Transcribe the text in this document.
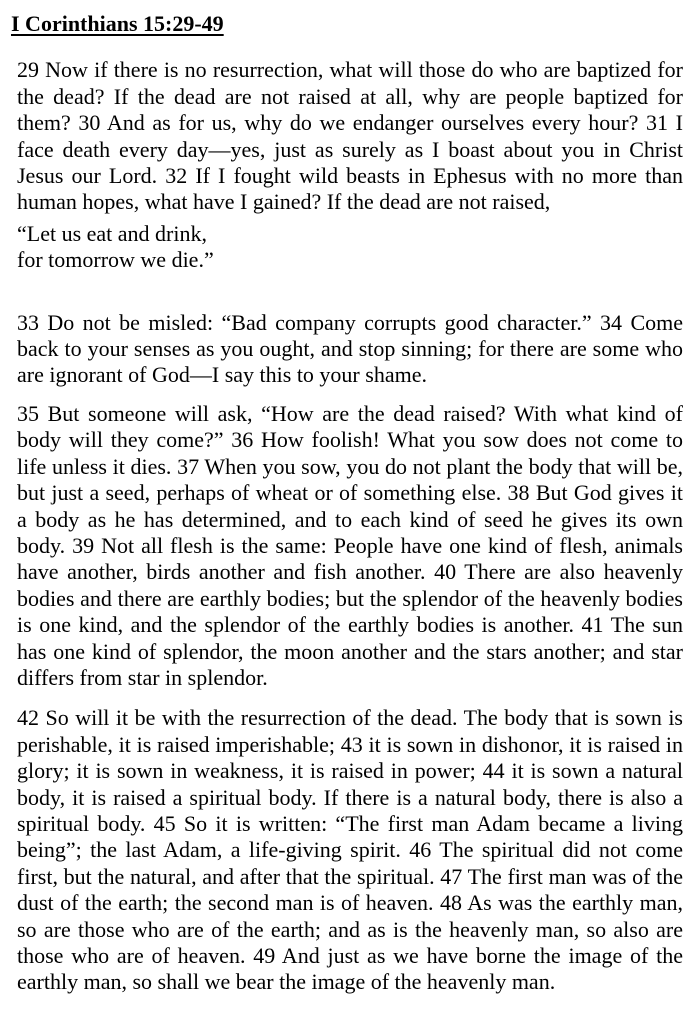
I Corinthians 15:29-49

29 Now if there is no resurrection, what will those do who are baptized for the dead? If the dead are not raised at all, why are people baptized for them? 30 And as for us, why do we endanger ourselves every hour? 31 I face death every day—yes, just as surely as I boast about you in Christ Jesus our Lord. 32 If I fought wild beasts in Ephesus with no more than human hopes, what have I gained? If the dead are not raised,

“Let us eat and drink,
for tomorrow we die.”

33 Do not be misled: “Bad company corrupts good character.” 34 Come back to your senses as you ought, and stop sinning; for there are some who are ignorant of God—I say this to your shame.

35 But someone will ask, “How are the dead raised? With what kind of body will they come?” 36 How foolish! What you sow does not come to life unless it dies. 37 When you sow, you do not plant the body that will be, but just a seed, perhaps of wheat or of something else. 38 But God gives it a body as he has determined, and to each kind of seed he gives its own body. 39 Not all flesh is the same: People have one kind of flesh, animals have another, birds another and fish another. 40 There are also heavenly bodies and there are earthly bodies; but the splendor of the heavenly bodies is one kind, and the splendor of the earthly bodies is another. 41 The sun has one kind of splendor, the moon another and the stars another; and star differs from star in splendor.

42 So will it be with the resurrection of the dead. The body that is sown is perishable, it is raised imperishable; 43 it is sown in dishonor, it is raised in glory; it is sown in weakness, it is raised in power; 44 it is sown a natural body, it is raised a spiritual body. If there is a natural body, there is also a spiritual body. 45 So it is written: “The first man Adam became a living being”; the last Adam, a life-giving spirit. 46 The spiritual did not come first, but the natural, and after that the spiritual. 47 The first man was of the dust of the earth; the second man is of heaven. 48 As was the earthly man, so are those who are of the earth; and as is the heavenly man, so also are those who are of heaven. 49 And just as we have borne the image of the earthly man, so shall we bear the image of the heavenly man.
